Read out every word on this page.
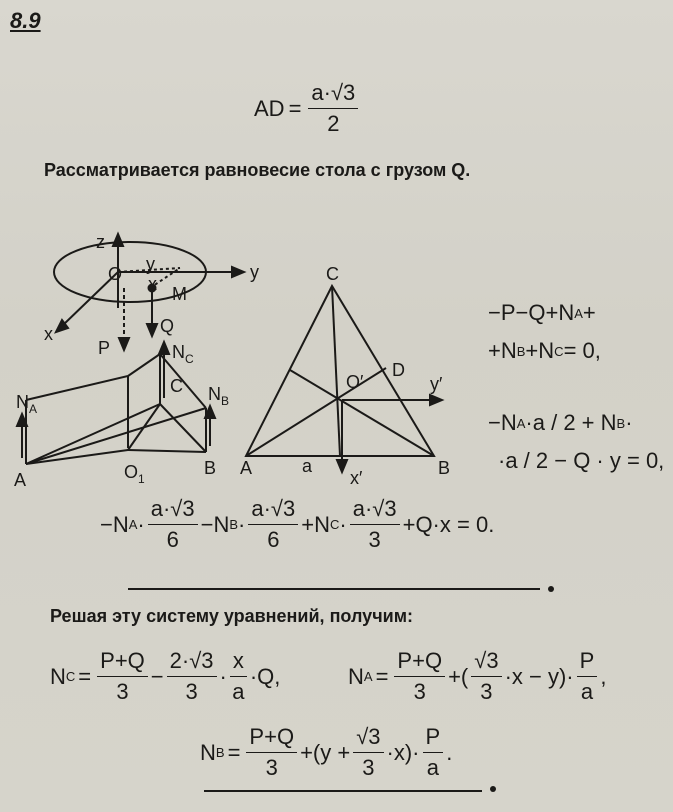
8.9
AD = $\frac{a\cdot√3}{2}$
Рассматривается равновесие стола с грузом Q.
z
O y	y
x M
x	Q
P	$N_C$
C
$N_A$
$N_B$
A	$O_1$
B
C
O′
D
y′
A	a
x′	B
−P−Q+N A +
+N B +N C = 0,
−N A ·a / 2 + N B ·
·a / 2 − Q · y = 0,
−N $A \cdot \frac{a\cdot√3}{6} -N$ $B \cdot \frac{a\cdot√3}{6} +N$ $C \cdot \frac{a\cdot√3}{3} +Q\cdot x = 0$.
Решая эту систему уравнений, получим:
N $C = \frac{P+Q}{3} - \frac{2\cdot√3}{3} \cdot \frac{x}{a} \cdot Q$,	N $A = \frac{P+Q}{3}$ +( $\frac{√3}{3} \cdot x - y)\cdot \frac{P}{a}$ ,
N $B = \frac{P+Q}{3} +(y + \frac{√3}{3} \cdot x)\cdot \frac{P}{a}$ .
